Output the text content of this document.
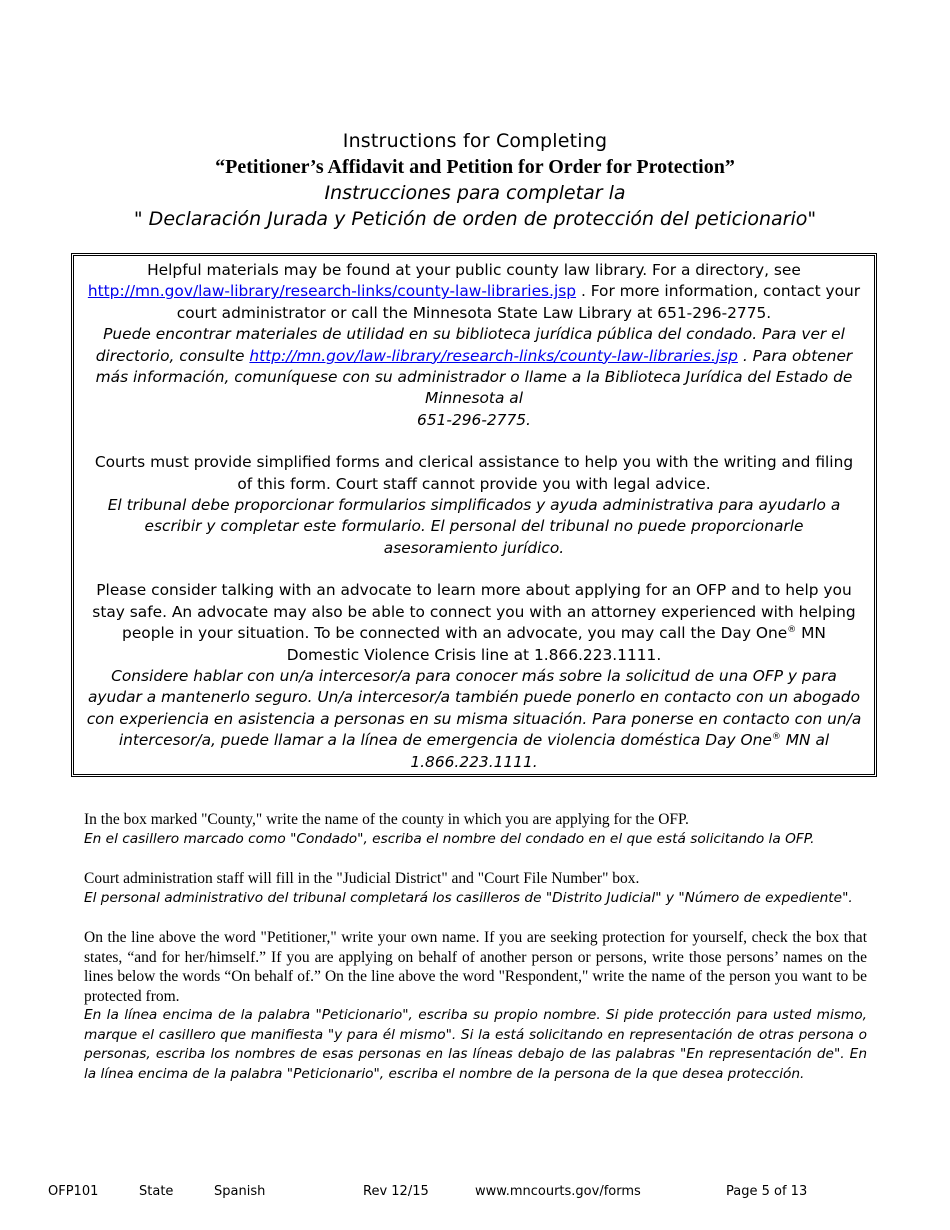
Instructions for Completing
“Petitioner’s Affidavit and Petition for Order for Protection”
Instrucciones para completar la
" Declaración Jurada y Petición de orden de protección del peticionario"

Helpful materials may be found at your public county law library. For a directory, see http://mn.gov/law-library/research-links/county-law-libraries.jsp . For more information, contact your court administrator or call the Minnesota State Law Library at 651-296-2775.

Puede encontrar materiales de utilidad en su biblioteca jurídica pública del condado. Para ver el directorio, consulte http://mn.gov/law-library/research-links/county-law-libraries.jsp . Para obtener más información, comuníquese con su administrador o llame a la Biblioteca Jurídica del Estado de Minnesota al

651-296-2775.

Courts must provide simplified forms and clerical assistance to help you with the writing and filing of this form. Court staff cannot provide you with legal advice.

El tribunal debe proporcionar formularios simplificados y ayuda administrativa para ayudarlo a escribir y completar este formulario. El personal del tribunal no puede proporcionarle asesoramiento jurídico.

Please consider talking with an advocate to learn more about applying for an OFP and to help you stay safe. An advocate may also be able to connect you with an attorney experienced with helping people in your situation. To be connected with an advocate, you may call the Day One® MN Domestic Violence Crisis line at 1.866.223.1111.

Considere hablar con un/a intercesor/a para conocer más sobre la solicitud de una OFP y para ayudar a mantenerlo seguro. Un/a intercesor/a también puede ponerlo en contacto con un abogado con experiencia en asistencia a personas en su misma situación. Para ponerse en contacto con un/a intercesor/a, puede llamar a la línea de emergencia de violencia doméstica Day One® MN al

1.866.223.1111.

In the box marked "County," write the name of the county in which you are applying for the OFP.

En el casillero marcado como "Condado", escriba el nombre del condado en el que está solicitando la OFP.

Court administration staff will fill in the "Judicial District" and "Court File Number" box.

El personal administrativo del tribunal completará los casilleros de "Distrito Judicial" y "Número de expediente".

On the line above the word "Petitioner," write your own name. If you are seeking protection for yourself, check the box that states, “and for her/himself.” If you are applying on behalf of another person or persons, write those persons’ names on the lines below the words “On behalf of.” On the line above the word "Respondent," write the name of the person you want to be protected from.

En la línea encima de la palabra "Peticionario", escriba su propio nombre. Si pide protección para usted mismo, marque el casillero que manifiesta "y para él mismo". Si la está solicitando en representación de otras persona o personas, escriba los nombres de esas personas en las líneas debajo de las palabras "En representación de". En la línea encima de la palabra "Peticionario", escriba el nombre de la persona de la que desea protección.

OFP101	State	Spanish	Rev 12/15	www.mncourts.gov/forms	Page 5 of 13
